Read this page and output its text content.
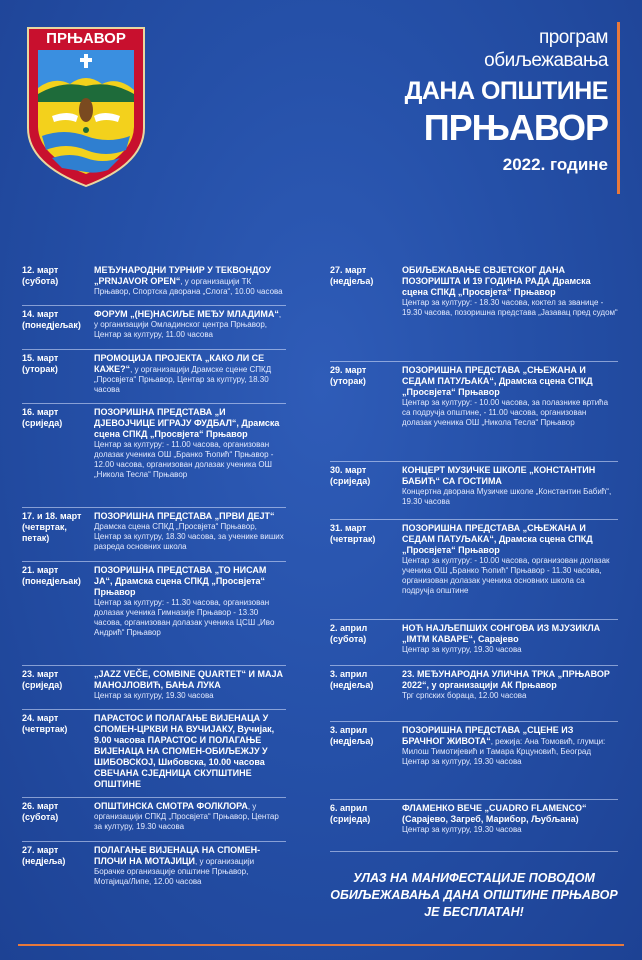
ПРЊАВОР	програм
обиљежавања
ДАНА ОПШТИНЕ
ПРЊАВОР
2022. године
12. март
(субота)
МЕЂУНАРОДНИ ТУРНИР У ТЕКВОНДОУ „PRNJAVOR OPEN“, у организацији ТК Прњавор, Спортска дворана „Слога“, 10.00 часова
14. март
(понедјељак)
ФОРУМ „(НЕ)НАСИЉЕ МЕЂУ МЛАДИМА“, у организацији Омладинског центра Прњавор, Центар за културу, 11.00 часова
15. март
(уторак)
ПРОМОЦИЈА ПРОЈЕКТА „КАКО ЛИ СЕ КАЖЕ?“, у организацији Драмске сцене СПКД „Просвјета“ Прњавор, Центар за културу, 18.30 часова
16. март
(сриједа)
ПОЗОРИШНА ПРЕДСТАВА „И ДЈЕВОЈЧИЦЕ ИГРАЈУ ФУДБАЛ“, Драмска сцена СПКД „Просвјета“ Прњавор
Центар за културу: - 11.00 часова, организован долазак ученика ОШ „Бранко Ћопић“ Прњавор - 12.00 часова, организован долазак ученика ОШ „Никола Тесла“ Прњавор
17. и 18. март
(четвртак, петак)
ПОЗОРИШНА ПРЕДСТАВА „ПРВИ ДЕЈТ“
Драмска сцена СПКД „Просвјета“ Прњавор, Центар за културу, 18.30 часова, за ученике виших разреда основних школа
21. март
(понедјељак)
ПОЗОРИШНА ПРЕДСТАВА „ТО НИСАМ ЈА“, Драмска сцена СПКД „Просвјета“ Прњавор
Центар за културу: - 11.30 часова, организован долазак ученика Гимназије Прњавор - 13.30 часова, организован долазак ученика ЦСШ „Иво Андрић“ Прњавор
23. март
(сриједа)
„JAZZ VEČE, COMBINE QUARTET“ И МАЈА МАНОЈЛОВИЋ, БАЊА ЛУКА
Центар за културу, 19.30 часова
24. март
(четвртак)
ПАРАСТОС И ПОЛАГАЊЕ ВИЈЕНАЦА У СПОМЕН-ЦРКВИ НА ВУЧИЈАКУ, Вучијак, 9.00 часова ПАРАСТОС И ПОЛАГАЊЕ ВИЈЕНАЦА НА СПОМЕН-ОБИЉЕЖЈУ У ШИБОВСКОЈ, Шибовска, 10.00 часова СВЕЧАНА СЈЕДНИЦА СКУПШТИНЕ ОПШТИНЕ
26. март
(субота)
ОПШТИНСКА СМОТРА ФОЛКЛОРА, у организацији СПКД „Просвјета“ Прњавор, Центар за културу, 19.30 часова
27. март
(недјеља)
ПОЛАГАЊЕ ВИЈЕНАЦА НА СПОМЕН-ПЛОЧИ НА МОТАЈИЦИ, у организацији Борачке организације општине Прњавор, Мотајица/Липе, 12.00 часова
27. март
(недјеља)
ОБИЉЕЖАВАЊЕ СВЈЕТСКОГ ДАНА ПОЗОРИШТА И 19 ГОДИНА РАДА Драмска сцена СПКД „Просвјета“ Прњавор
Центар за културу: - 18.30 часова, коктел за званице - 19.30 часова, позоришна представа „Јазавац пред судом“
29. март
(уторак)
ПОЗОРИШНА ПРЕДСТАВА „СЊЕЖАНА И СЕДАМ ПАТУЉАКА“, Драмска сцена СПКД „Просвјета“ Прњавор
Центар за културу: - 10.00 часова, за полазнике вртића са подручја општине, - 11.00 часова, организован долазак ученика ОШ „Никола Тесла“ Прњавор
30. март
(сриједа)
КОНЦЕРТ МУЗИЧКЕ ШКОЛЕ „КОНСТАНТИН БАБИЋ“ СА ГОСТИМА
Концертна дворана Музичке школе „Константин Бабић“, 19.30 часова
31. март
(четвртак)
ПОЗОРИШНА ПРЕДСТАВА „СЊЕЖАНА И СЕДАМ ПАТУЉАКА“, Драмска сцена СПКД „Просвјета“ Прњавор
Центар за културу: - 10.00 часова, организован долазак ученика ОШ „Бранко Ћопић“ Прњавор - 11.30 часова, организован долазак ученика основних школа са подручја општине
2. април
(субота)
НОЋ НАЈЉЕПШИХ СОНГОВА ИЗ МЈУЗИКЛА „ІМТМ КАВАРЕ“, Сарајево
Центар за културу, 19.30 часова
3. април
(недјеља)
23. МЕЂУНАРОДНА УЛИЧНА ТРКА „ПРЊАВОР 2022“, у организацији АК Прњавор
Трг српских бораца, 12.00 часова
3. април
(недјеља)
ПОЗОРИШНА ПРЕДСТАВА „СЦЕНЕ ИЗ БРАЧНОГ ЖИВОТА“, режија: Ана Томовић, глумци: Милош Тимотијевић и Тамара Крцуновић, Београд Центар за културу, 19.30 часова
6. април
(сриједа)
ФЛАМЕНКО ВЕЧЕ „CUADRO FLAMENCO“ (Сарајево, Загреб, Марибор, Љубљана)
Центар за културу, 19.30 часова
УЛАЗ НА МАНИФЕСТАЦИЈЕ ПОВОДОМ ОБИЉЕЖАВАЊА ДАНА ОПШТИНЕ ПРЊАВОР ЈЕ БЕСПЛАТАН!
